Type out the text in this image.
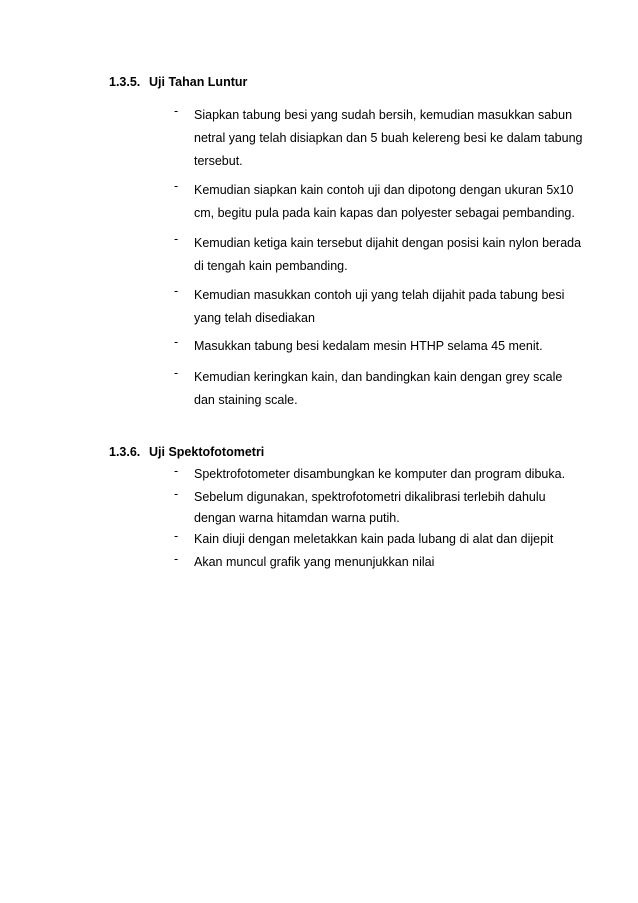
1.3.5. Uji Tahan Luntur
- Siapkan tabung besi yang sudah bersih, kemudian masukkan sabun
netral yang telah disiapkan dan 5 buah kelereng besi ke dalam tabung
tersebut.
- Kemudian siapkan kain contoh uji dan dipotong dengan ukuran 5x10
cm, begitu pula pada kain kapas dan polyester sebagai pembanding.
- Kemudian ketiga kain tersebut dijahit dengan posisi kain nylon berada
di tengah kain pembanding.
- Kemudian masukkan contoh uji yang telah dijahit pada tabung besi
yang telah disediakan
- Masukkan tabung besi kedalam mesin HTHP selama 45 menit.
- Kemudian keringkan kain, dan bandingkan kain dengan grey scale
dan staining scale.
1.3.6. Uji Spektofotometri
- Spektrofotometer disambungkan ke komputer dan program dibuka.
- Sebelum digunakan, spektrofotometri dikalibrasi terlebih dahulu
dengan warna hitamdan warna putih.
- Kain diuji dengan meletakkan kain pada lubang di alat dan dijepit
- Akan muncul grafik yang menunjukkan nilai
